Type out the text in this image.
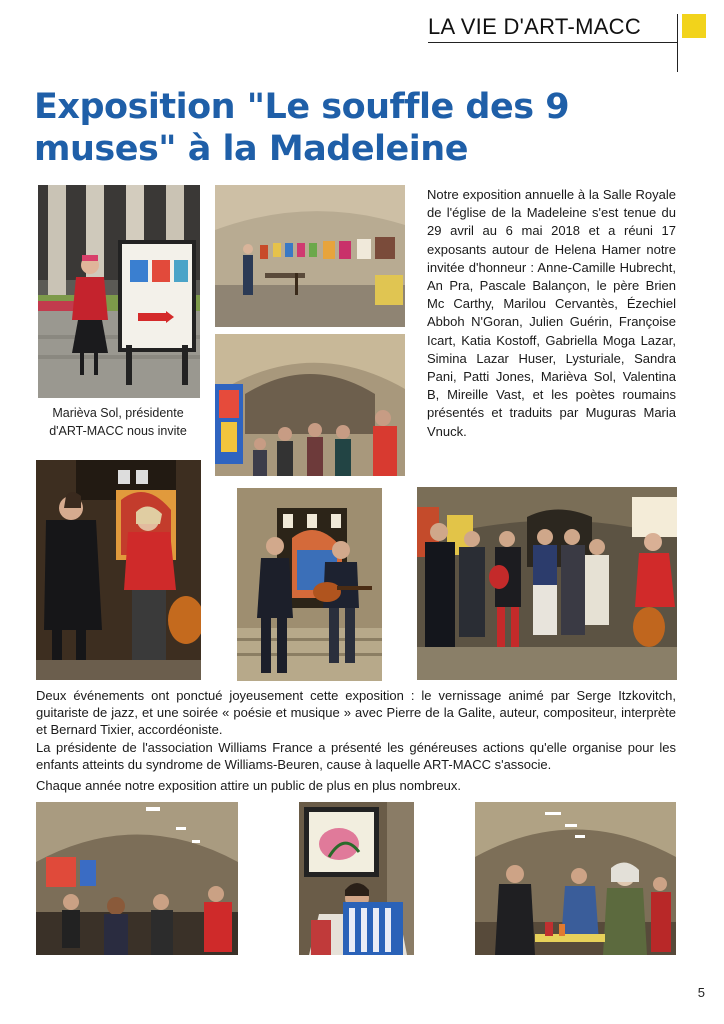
LA VIE D'ART-MACC
Exposition "Le souffle des 9
muses" à la Madeleine
Marièva Sol, présidente d'ART-MACC nous invite
Notre exposition annuelle à la Salle Royale de l'église de la Madeleine s'est tenue du 29 avril au 6 mai 2018 et a réuni 17 exposants autour de Helena Hamer notre invitée d'honneur : Anne-Camille Hubrecht, An Pra, Pascale Balançon, le père Brien Mc Carthy, Marilou Cervantès, Ézechiel Abboh N'Goran, Julien Guérin, Françoise Icart, Katia Kostoff, Gabriella Moga Lazar, Simina Lazar Huser, Lysturiale, Sandra Pani, Patti Jones, Marièva Sol, Valentina B, Mireille Vast, et les poètes roumains présentés et traduits par Muguras Maria Vnuck.

Deux événements ont ponctué joyeusement cette exposition : le vernissage animé par Serge Itzkovitch, guitariste de jazz, et une soirée « poésie et musique » avec Pierre de la Galite, auteur, compositeur, interprète et Bernard Tixier, accordéoniste.

La présidente de l'association Williams France a présenté les généreuses actions qu'elle organise pour les enfants atteints du syndrome de Williams-Beuren, cause à laquelle ART-MACC s'associe.

Chaque année notre exposition attire un public de plus en plus nombreux.

5
